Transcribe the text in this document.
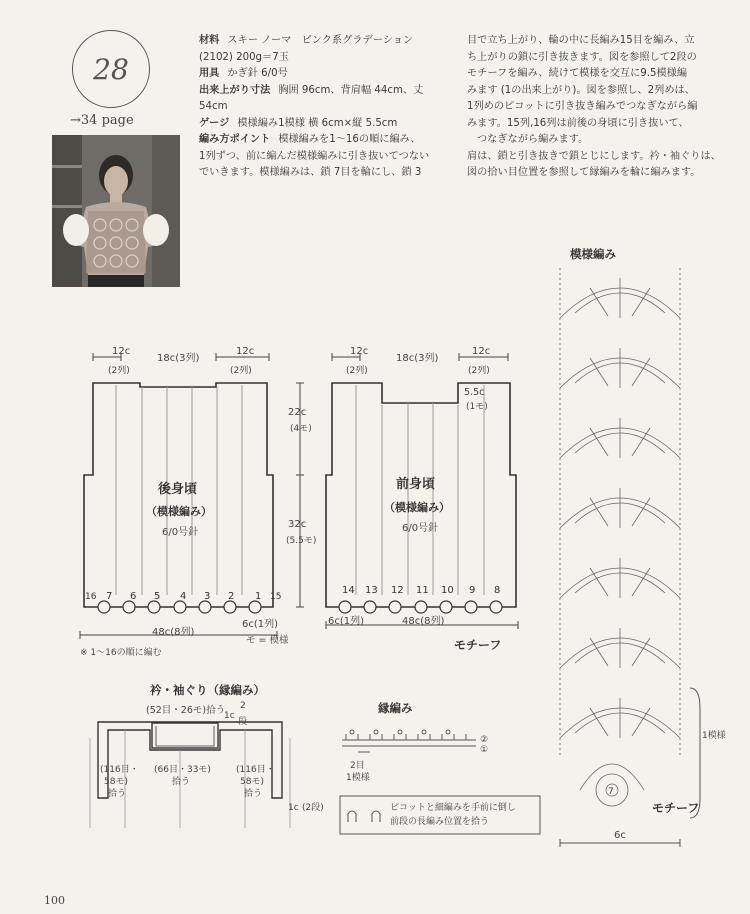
28
→34 page
材料 スキー ノーマ　ピンク系グラデーション
(2102) 200g＝7玉
用具 かぎ針 6/0号
出来上がり寸法 胸囲 96cm、背肩幅 44cm、丈
54cm
ゲージ 模様編み1模様 横 6cm×縦 5.5cm
編み方ポイント 模様編みを1〜16の順に編み、
1列ずつ、前に編んだ模様編みに引き抜いてつない
でいきます。模様編みは、鎖 7目を輪にし、鎖 3
目で立ち上がり、輪の中に長編み15目を編み、立
ち上がりの鎖に引き抜きます。図を参照して2段の
モチーフを編み、続けて模様を交互に9.5模様編
みます (1の出来上がり)。図を参照し、2列めは、
1列めのピコットに引き抜き編みでつなぎながら編
みます。15列,16列は前後の身頃に引き抜いて、
つなぎながら編みます。
肩は、鎖と引き抜きで鎖とじにします。衿・袖ぐりは、
図の拾い目位置を参照して縁編みを輪に編みます。
12c
(2列)
18c(3列)
12c
(2列)
22c
(4モ)
32c
(5.5モ)
後身頃
（模様編み）
6/0号針
16 7 6 5 4 3 2 1 15
6c(1列)
48c(8列)
モ = 模様
※ 1〜16の順に編む
12c
(2列)
18c(3列)
12c
(2列)
5.5c
(1モ)
前身頃
（模様編み）
6/0号針
14 13 12 11 10 9 8
6c(1列)	48c(8列)
モチーフ
衿・袖ぐり（縁編み）
(52目・26モ)拾う 2
段
1c
(116目・
58モ)
拾う
(66目・33モ)
拾う
(116目・
58モ)
拾う
1c (2段)
縁編み
②
①
2目
1模様
ピコットと細編みを手前に倒し
前段の長編み位置を拾う
模様編み
1模様
7
モチーフ
6c
100
